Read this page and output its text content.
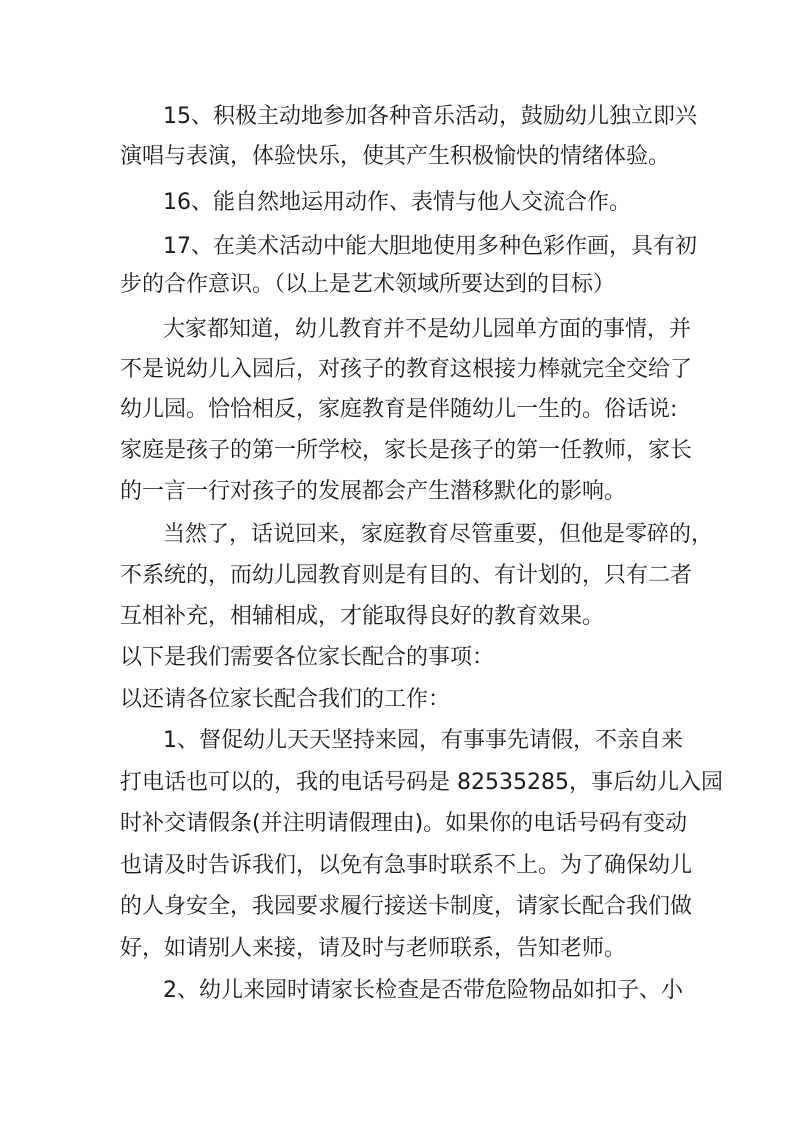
15、积极主动地参加各种音乐活动，鼓励幼儿独立即兴
演唱与表演，体验快乐，使其产生积极愉快的情绪体验。
16、能自然地运用动作、表情与他人交流合作。
17、在美术活动中能大胆地使用多种色彩作画，具有初
步的合作意识。（以上是艺术领域所要达到的目标）
大家都知道，幼儿教育并不是幼儿园单方面的事情，并
不是说幼儿入园后，对孩子的教育这根接力棒就完全交给了
幼儿园。恰恰相反，家庭教育是伴随幼儿一生的。俗话说:
家庭是孩子的第一所学校，家长是孩子的第一任教师，家长
的一言一行对孩子的发展都会产生潜移默化的影响。
当然了，话说回来，家庭教育尽管重要，但他是零碎的，
不系统的，而幼儿园教育则是有目的、有计划的，只有二者
互相补充，相辅相成，才能取得良好的教育效果。
以下是我们需要各位家长配合的事项：
以还请各位家长配合我们的工作：
1、督促幼儿天天坚持来园，有事事先请假，不亲自来
打电话也可以的，我的电话号码是 82535285，事后幼儿入园
时补交请假条(并注明请假理由)。如果你的电话号码有变动
也请及时告诉我们，以免有急事时联系不上。为了确保幼儿
的人身安全，我园要求履行接送卡制度，请家长配合我们做
好，如请别人来接，请及时与老师联系，告知老师。
2、幼儿来园时请家长检查是否带危险物品如扣子、小
